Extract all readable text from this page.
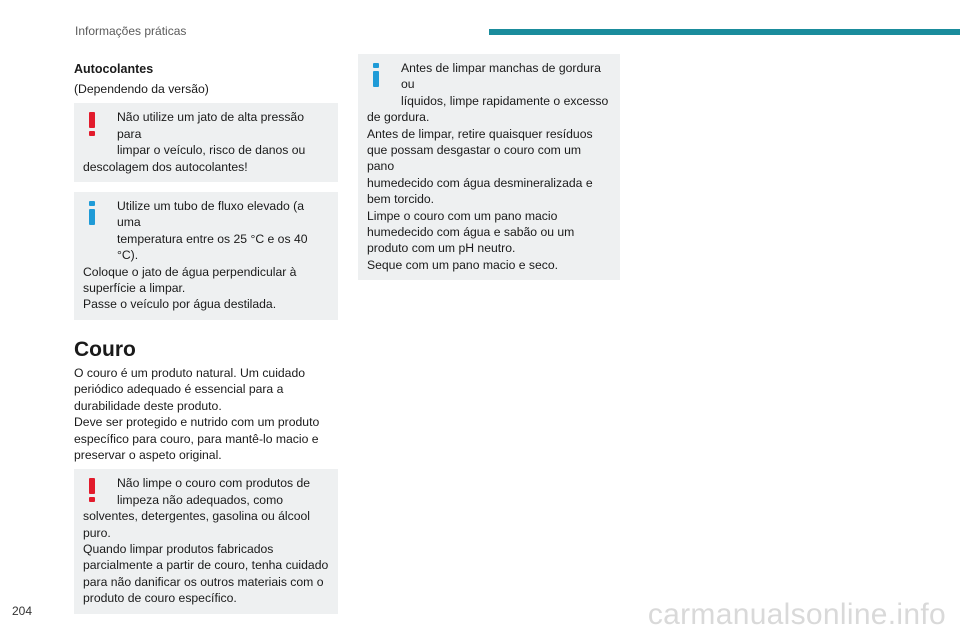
Informações práticas
Autocolantes
(Dependendo da versão)
Não utilize um jato de alta pressão para
limpar o veículo, risco de danos ou
descolagem dos autocolantes!
Utilize um tubo de fluxo elevado (a uma
temperatura entre os 25 °C e os 40 °C).
Coloque o jato de água perpendicular à
superfície a limpar.
Passe o veículo por água destilada.
Couro
O couro é um produto natural. Um cuidado
periódico adequado é essencial para a
durabilidade deste produto.
Deve ser protegido e nutrido com um produto
específico para couro, para mantê-lo macio e
preservar o aspeto original.
Não limpe o couro com produtos de
limpeza não adequados, como
solventes, detergentes, gasolina ou álcool
puro.
Quando limpar produtos fabricados
parcialmente a partir de couro, tenha cuidado
para não danificar os outros materiais com o
produto de couro específico.
Antes de limpar manchas de gordura ou
líquidos, limpe rapidamente o excesso
de gordura.
Antes de limpar, retire quaisquer resíduos
que possam desgastar o couro com um pano
humedecido com água desmineralizada e
bem torcido.
Limpe o couro com um pano macio
humedecido com água e sabão ou um
produto com um pH neutro.
Seque com um pano macio e seco.
204	carmanualsonline.info
